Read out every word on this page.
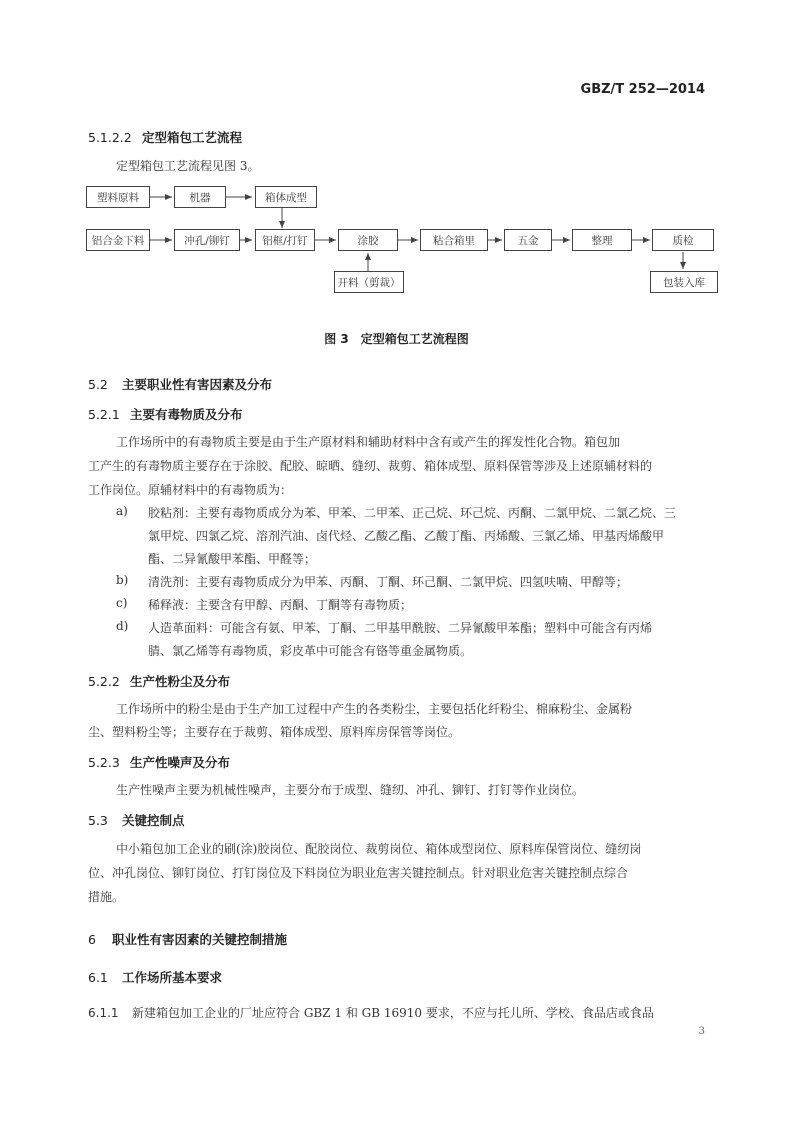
GBZ/T 252—2014
5.1.2.2 定型箱包工艺流程
定型箱包工艺流程见图 3。
塑料原料	机器	箱体成型
铝合金下料	冲孔/铆钉	铝框/打钉	涂胶	粘合箱里	五金	整理	质检
开料（剪裁）	包装入库
图 3　定型箱包工艺流程图
5.2 主要职业性有害因素及分布
5.2.1 主要有毒物质及分布
工作场所中的有毒物质主要是由于生产原材料和辅助材料中含有或产生的挥发性化合物。箱包加
工产生的有毒物质主要存在于涂胶、配胶、晾晒、缝纫、裁剪、箱体成型、原料保管等涉及上述原辅材料的
工作岗位。原辅材料中的有毒物质为：
a) 胶粘剂：主要有毒物质成分为苯、甲苯、二甲苯、正己烷、环己烷、丙酮、二氯甲烷、二氯乙烷、三
氯甲烷、四氯乙烷、溶剂汽油、卤代烃、乙酸乙酯、乙酸丁酯、丙烯酸、三氯乙烯、甲基丙烯酸甲
酯、二异氰酸甲苯酯、甲醛等；
b) 清洗剂：主要有毒物质成分为甲苯、丙酮、丁酮、环己酮、二氯甲烷、四氢呋喃、甲醇等；
c) 稀释液：主要含有甲醇、丙酮、丁酮等有毒物质；
d) 人造革面料：可能含有氨、甲苯、丁酮、二甲基甲酰胺、二异氰酸甲苯酯；塑料中可能含有丙烯
腈、氯乙烯等有毒物质，彩皮革中可能含有铬等重金属物质。
5.2.2 生产性粉尘及分布
工作场所中的粉尘是由于生产加工过程中产生的各类粉尘，主要包括化纤粉尘、棉麻粉尘、金属粉
尘、塑料粉尘等；主要存在于裁剪、箱体成型、原料库房保管等岗位。
5.2.3 生产性噪声及分布
生产性噪声主要为机械性噪声，主要分布于成型、缝纫、冲孔、铆钉、打钉等作业岗位。
5.3 关键控制点
中小箱包加工企业的刷(涂)胶岗位、配胶岗位、裁剪岗位、箱体成型岗位、原料库保管岗位、缝纫岗
位、冲孔岗位、铆钉岗位、打钉岗位及下料岗位为职业危害关键控制点。针对职业危害关键控制点综合
措施。
6 职业性有害因素的关键控制措施
6.1 工作场所基本要求
6.1.1 新建箱包加工企业的厂址应符合 GBZ 1 和 GB 16910 要求，不应与托儿所、学校、食品店或食品
3
